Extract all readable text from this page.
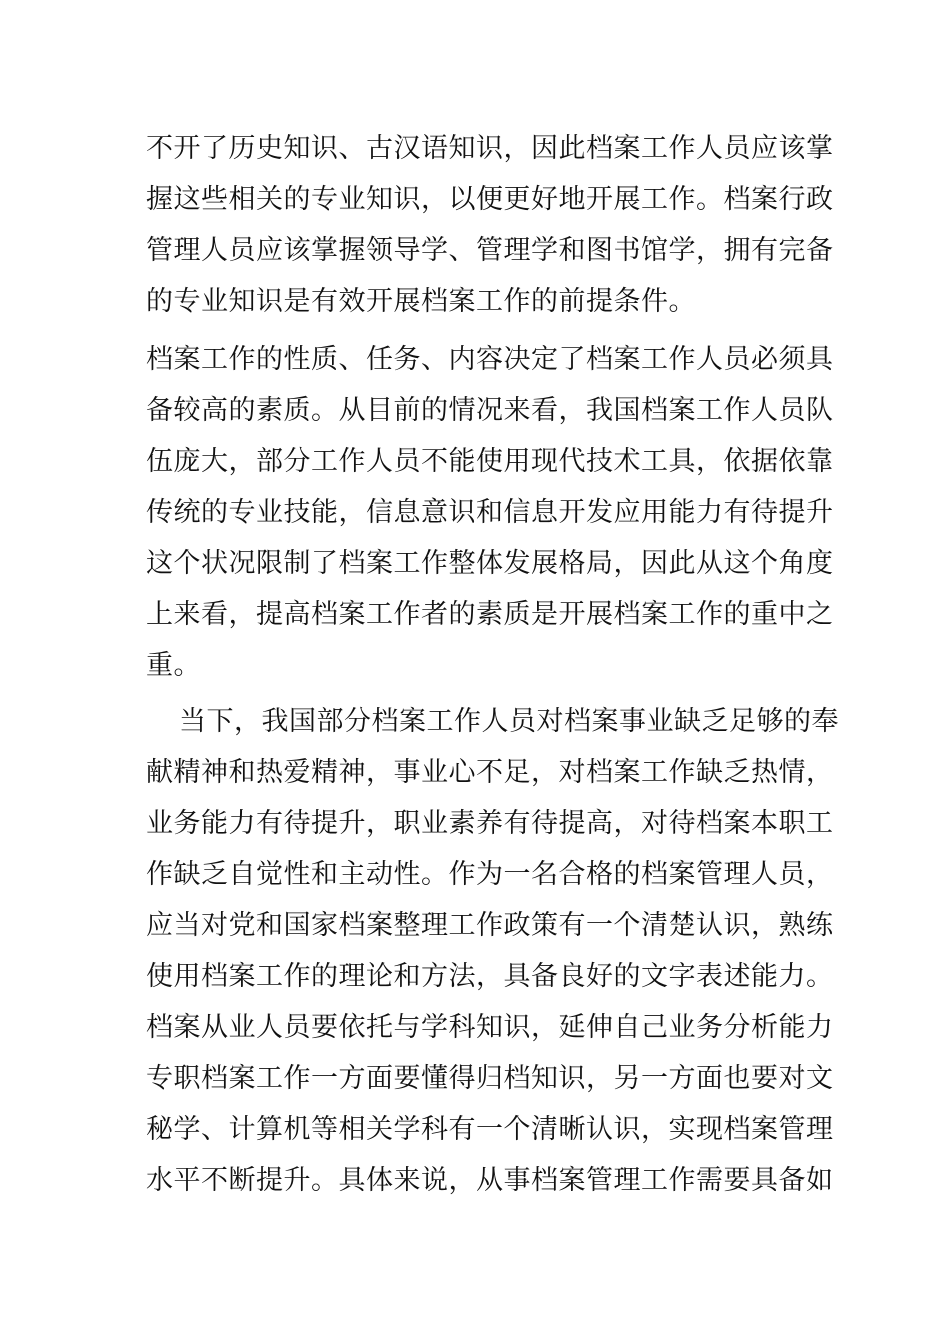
不开了历史知识、古汉语知识，因此档案工作人员应该掌
握这些相关的专业知识，以便更好地开展工作。档案行政
管理人员应该掌握领导学、管理学和图书馆学，拥有完备
的专业知识是有效开展档案工作的前提条件。

档案工作的性质、任务、内容决定了档案工作人员必须具
备较高的素质。从目前的情况来看，我国档案工作人员队
伍庞大，部分工作人员不能使用现代技术工具，依据依靠
传统的专业技能，信息意识和信息开发应用能力有待提升
这个状况限制了档案工作整体发展格局，因此从这个角度
上来看，提高档案工作者的素质是开展档案工作的重中之
重。

当下，我国部分档案工作人员对档案事业缺乏足够的奉
献精神和热爱精神，事业心不足，对档案工作缺乏热情，
业务能力有待提升，职业素养有待提高，对待档案本职工
作缺乏自觉性和主动性。作为一名合格的档案管理人员，
应当对党和国家档案整理工作政策有一个清楚认识，熟练
使用档案工作的理论和方法，具备良好的文字表述能力。
档案从业人员要依托与学科知识，延伸自己业务分析能力
专职档案工作一方面要懂得归档知识，另一方面也要对文
秘学、计算机等相关学科有一个清晰认识，实现档案管理
水平不断提升。具体来说，从事档案管理工作需要具备如
